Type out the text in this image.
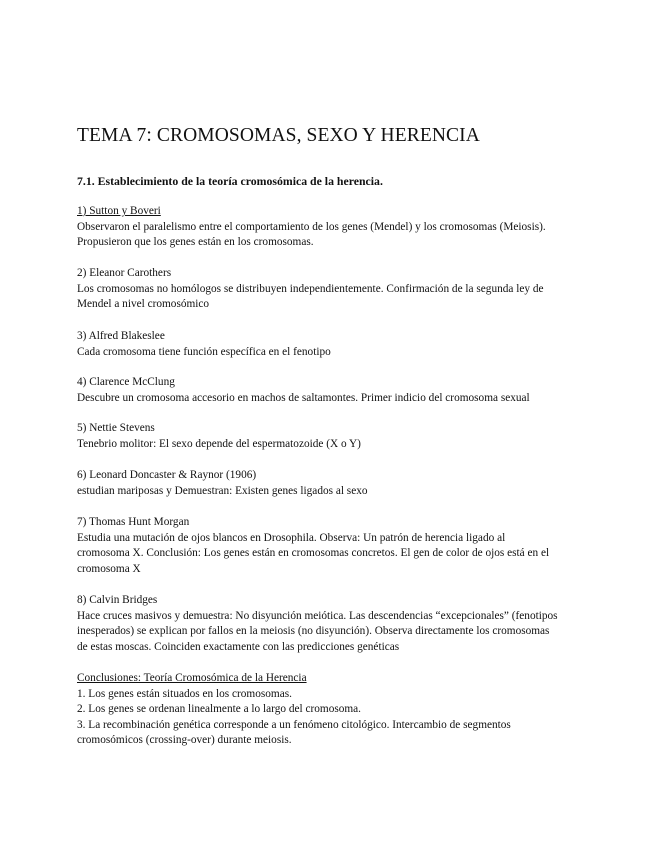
TEMA 7: CROMOSOMAS, SEXO Y HERENCIA
7.1. Establecimiento de la teoría cromosómica de la herencia.
1) Sutton y Boveri
Observaron el paralelismo entre el comportamiento de los genes (Mendel) y los cromosomas (Meiosis).
Propusieron que los genes están en los cromosomas.
2) Eleanor Carothers
Los cromosomas no homólogos se distribuyen independientemente. Confirmación de la segunda ley de
Mendel a nivel cromosómico
3) Alfred Blakeslee
Cada cromosoma tiene función específica en el fenotipo
4) Clarence McClung
Descubre un cromosoma accesorio en machos de saltamontes. Primer indicio del cromosoma sexual
5) Nettie Stevens
Tenebrio molitor: El sexo depende del espermatozoide (X o Y)
6) Leonard Doncaster & Raynor (1906)
estudian mariposas y Demuestran: Existen genes ligados al sexo
7) Thomas Hunt Morgan
Estudia una mutación de ojos blancos en Drosophila. Observa: Un patrón de herencia ligado al
cromosoma X. Conclusión: Los genes están en cromosomas concretos. El gen de color de ojos está en el
cromosoma X
8) Calvin Bridges
Hace cruces masivos y demuestra: No disyunción meiótica. Las descendencias “excepcionales” (fenotipos
inesperados) se explican por fallos en la meiosis (no disyunción). Observa directamente los cromosomas
de estas moscas. Coinciden exactamente con las predicciones genéticas
Conclusiones: Teoría Cromosómica de la Herencia
1. Los genes están situados en los cromosomas.
2. Los genes se ordenan linealmente a lo largo del cromosoma.
3. La recombinación genética corresponde a un fenómeno citológico. Intercambio de segmentos
cromosómicos (crossing-over) durante meiosis.
